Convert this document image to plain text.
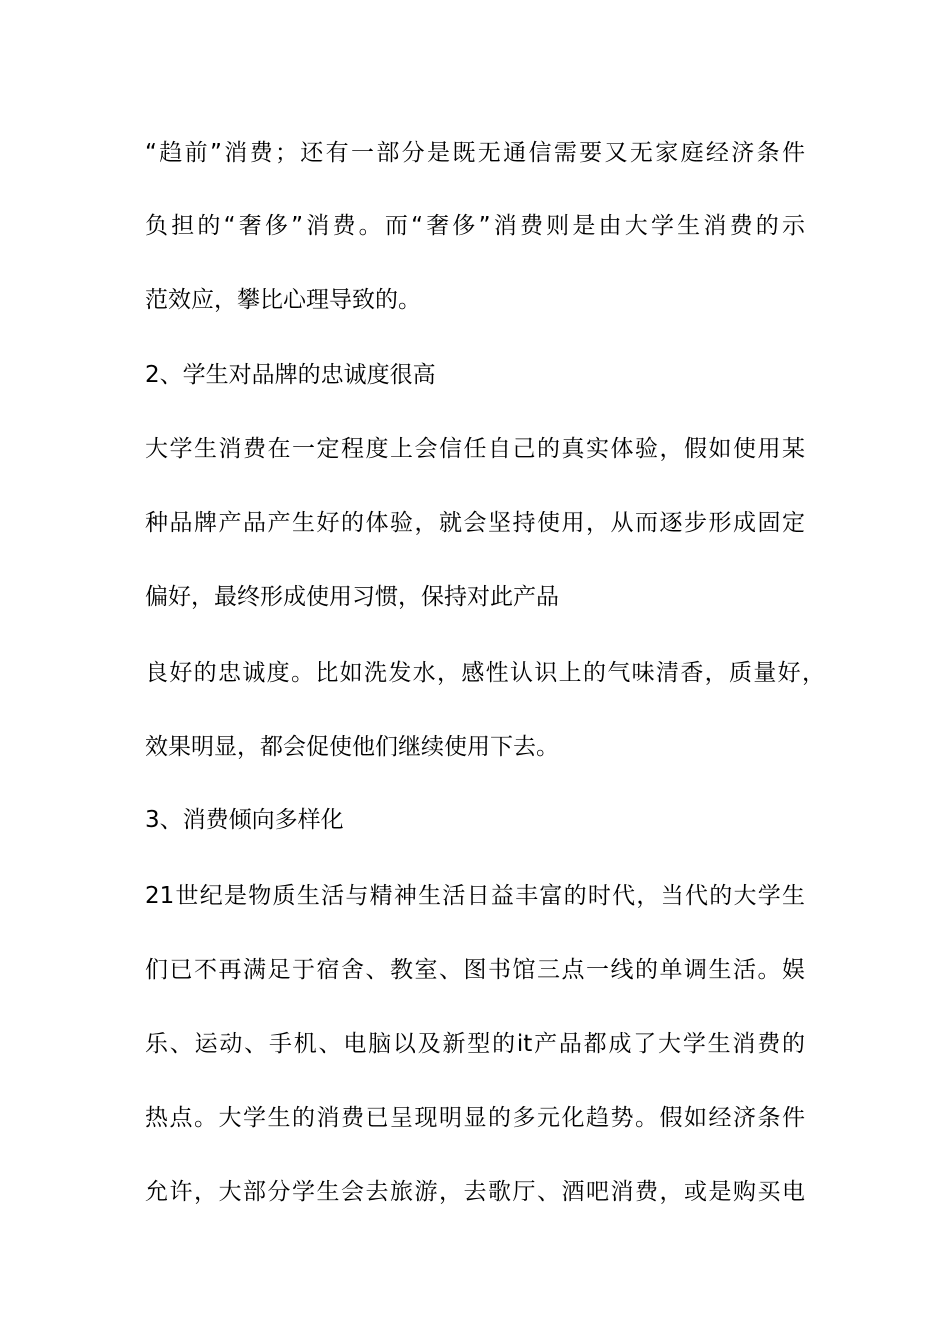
“趋前”消费；还有一部分是既无通信需要又无家庭经济条件
负担的“奢侈”消费。而“奢侈”消费则是由大学生消费的示
范效应，攀比心理导致的。
2、学生对品牌的忠诚度很高
大学生消费在一定程度上会信任自己的真实体验，假如使用某
种品牌产品产生好的体验，就会坚持使用，从而逐步形成固定
偏好，最终形成使用习惯，保持对此产品
良好的忠诚度。比如洗发水，感性认识上的气味清香，质量好，
效果明显，都会促使他们继续使用下去。
3、消费倾向多样化
21世纪是物质生活与精神生活日益丰富的时代，当代的大学生
们已不再满足于宿舍、教室、图书馆三点一线的单调生活。娱
乐、运动、手机、电脑以及新型的it产品都成了大学生消费的
热点。大学生的消费已呈现明显的多元化趋势。假如经济条件
允许，大部分学生会去旅游，去歌厅、酒吧消费，或是购买电
